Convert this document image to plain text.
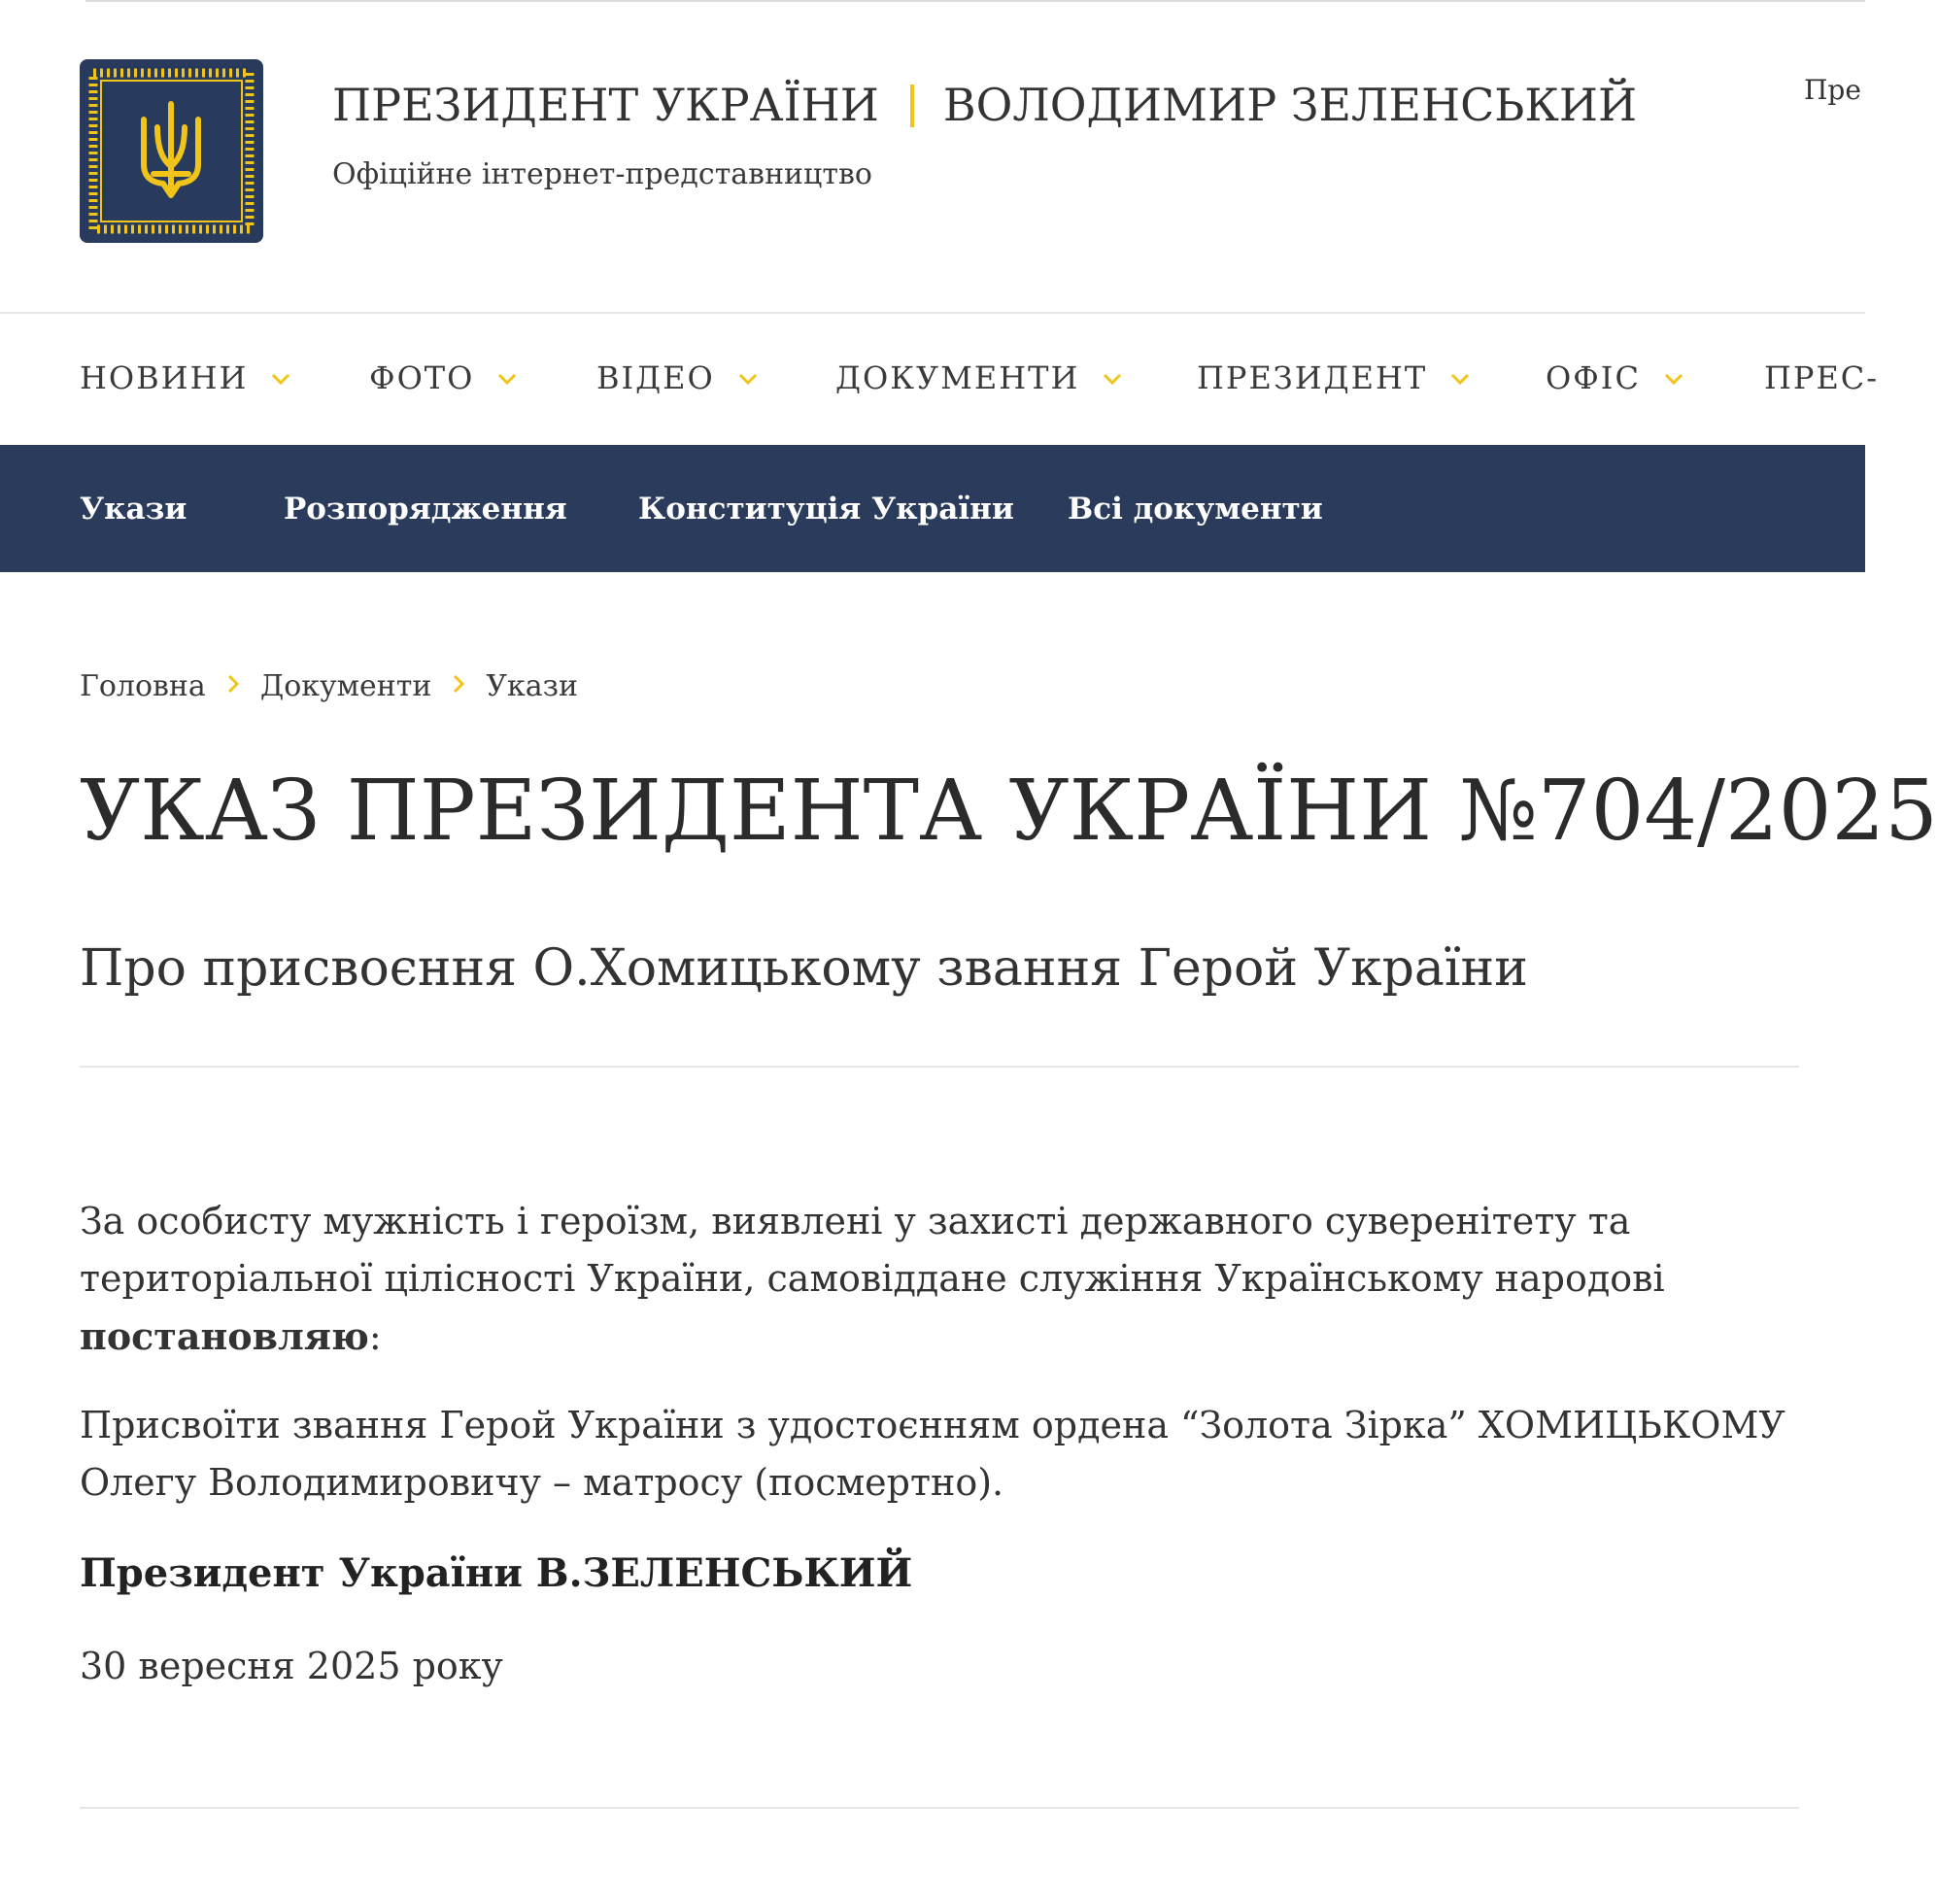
ПРЕЗИДЕНТ УКРАЇНИ ВОЛОДИМИР ЗЕЛЕНСЬКИЙ
Офіційне інтернет-представництво
Пре
НОВИНИ	ФОТО	ВІДЕО	ДОКУМЕНТИ	ПРЕЗИДЕНТ	ОФІС	ПРЕС-
Укази	Розпорядження Конституція України Всі документи
Головна Документи Укази
УКАЗ ПРЕЗИДЕНТА УКРАЇНИ №704/2025
Про присвоєння О.Хомицькому звання Герой України

За особисту мужність і героїзм, виявлені у захисті державного суверенітету та територіальної цілісності України, самовіддане служіння Українському народові постановляю:

Присвоїти звання Герой України з удостоєнням ордена “Золота Зірка” ХОМИЦЬКОМУ Олегу Володимировичу – матросу (посмертно).

Президент України В.ЗЕЛЕНСЬКИЙ
30 вересня 2025 року
